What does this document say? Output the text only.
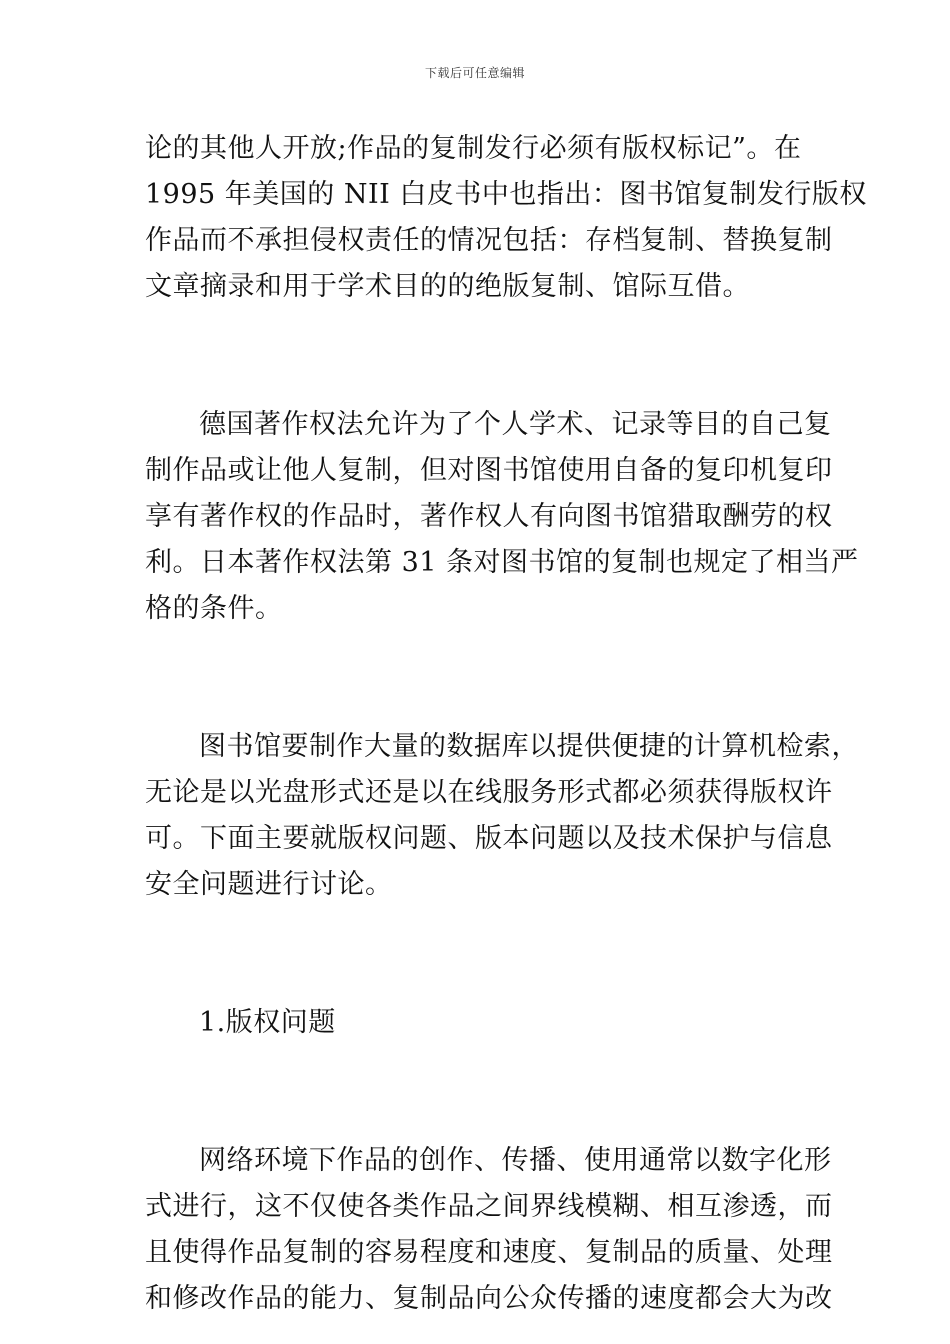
下载后可任意编辑
论的其他人开放;作品的复制发行必须有版权标记”。在
1995 年美国的 NII 白皮书中也指出：图书馆复制发行版权
作品而不承担侵权责任的情况包括：存档复制、替换复制
文章摘录和用于学术目的的绝版复制、馆际互借。
德国著作权法允许为了个人学术、记录等目的自己复
制作品或让他人复制，但对图书馆使用自备的复印机复印
享有著作权的作品时，著作权人有向图书馆猎取酬劳的权
利。日本著作权法第 31 条对图书馆的复制也规定了相当严
格的条件。
图书馆要制作大量的数据库以提供便捷的计算机检索，
无论是以光盘形式还是以在线服务形式都必须获得版权许
可。下面主要就版权问题、版本问题以及技术保护与信息
安全问题进行讨论。
1.版权问题
网络环境下作品的创作、传播、使用通常以数字化形
式进行，这不仅使各类作品之间界线模糊、相互渗透，而
且使得作品复制的容易程度和速度、复制品的质量、处理
和修改作品的能力、复制品向公众传播的速度都会大为改
